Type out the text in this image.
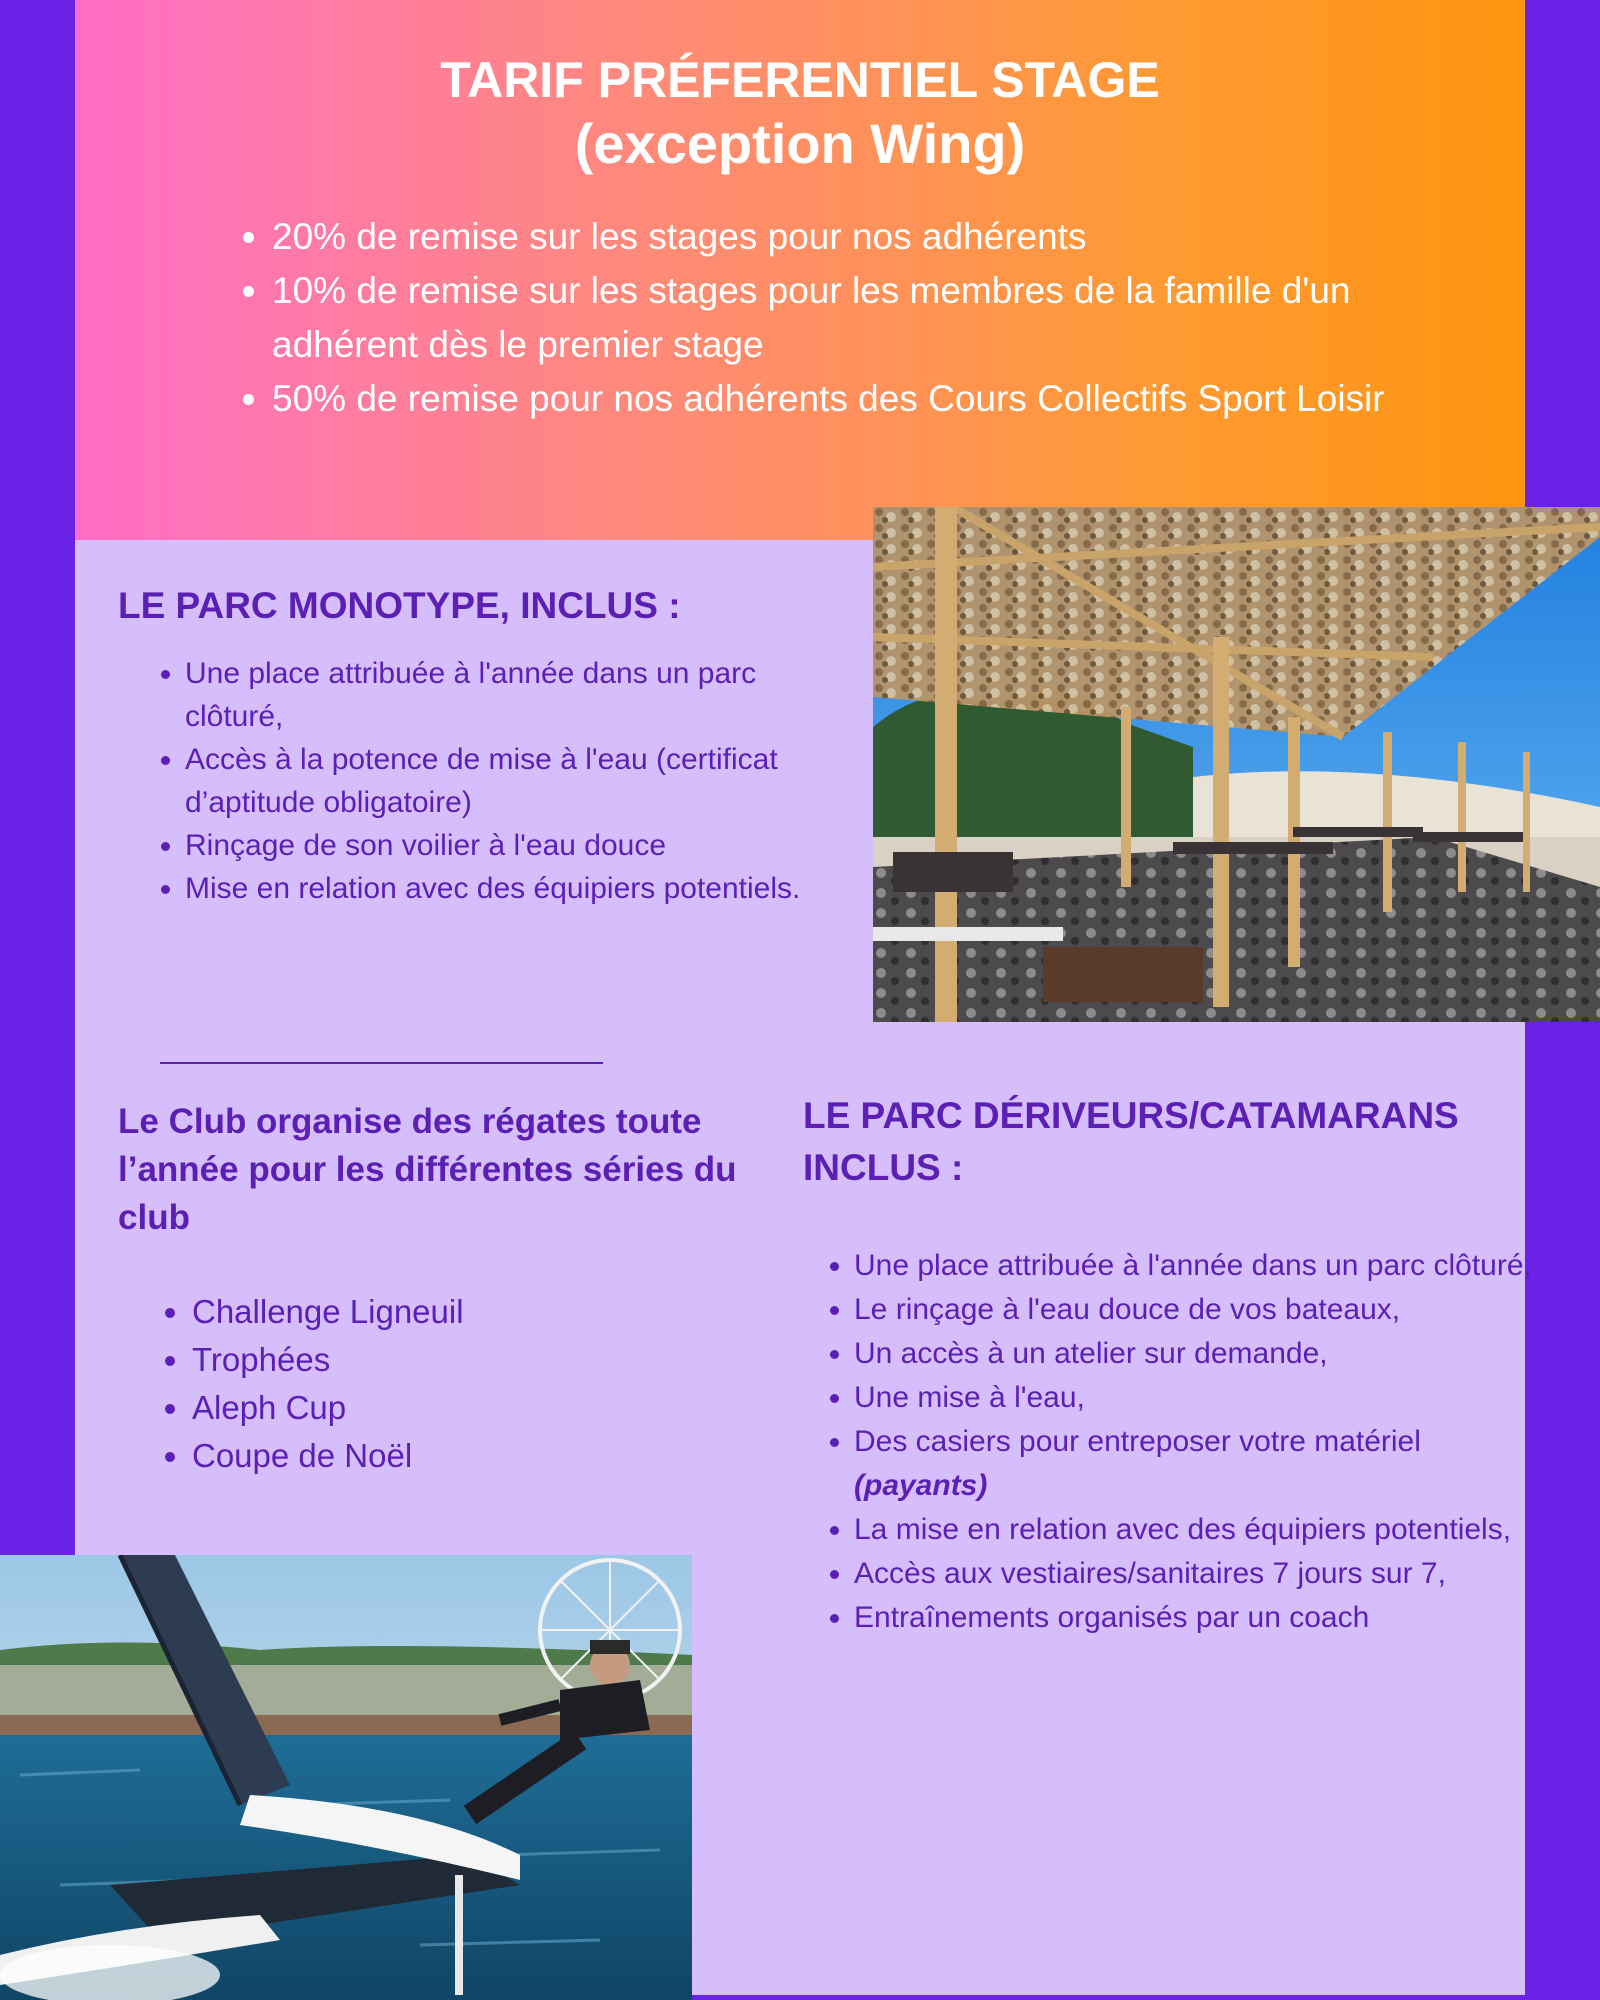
TARIF PRÉFERENTIEL STAGE
(exception Wing)
• 20% de remise sur les stages pour nos adhérents
• 10% de remise sur les stages pour les membres de la famille d'un adhérent dès le premier stage
• 50% de remise pour nos adhérents des Cours Collectifs Sport Loisir
LE PARC MONOTYPE, INCLUS :
• Une place attribuée à l'année dans un parc clôturé,
• Accès à la potence de mise à l'eau (certificat d’aptitude obligatoire)
• Rinçage de son voilier à l'eau douce
• Mise en relation avec des équipiers potentiels.
Le Club organise des régates toute l’année pour les différentes séries du club
• Challenge Ligneuil
• Trophées
• Aleph Cup
• Coupe de Noël
LE PARC DÉRIVEURS/CATAMARANS INCLUS :
• Une place attribuée à l'année dans un parc clôturé,
• Le rinçage à l'eau douce de vos bateaux,
• Un accès à un atelier sur demande,
• Une mise à l'eau,
• Des casiers pour entreposer votre matériel (payants)
• La mise en relation avec des équipiers potentiels,
• Accès aux vestiaires/sanitaires 7 jours sur 7,
• Entraînements organisés par un coach
